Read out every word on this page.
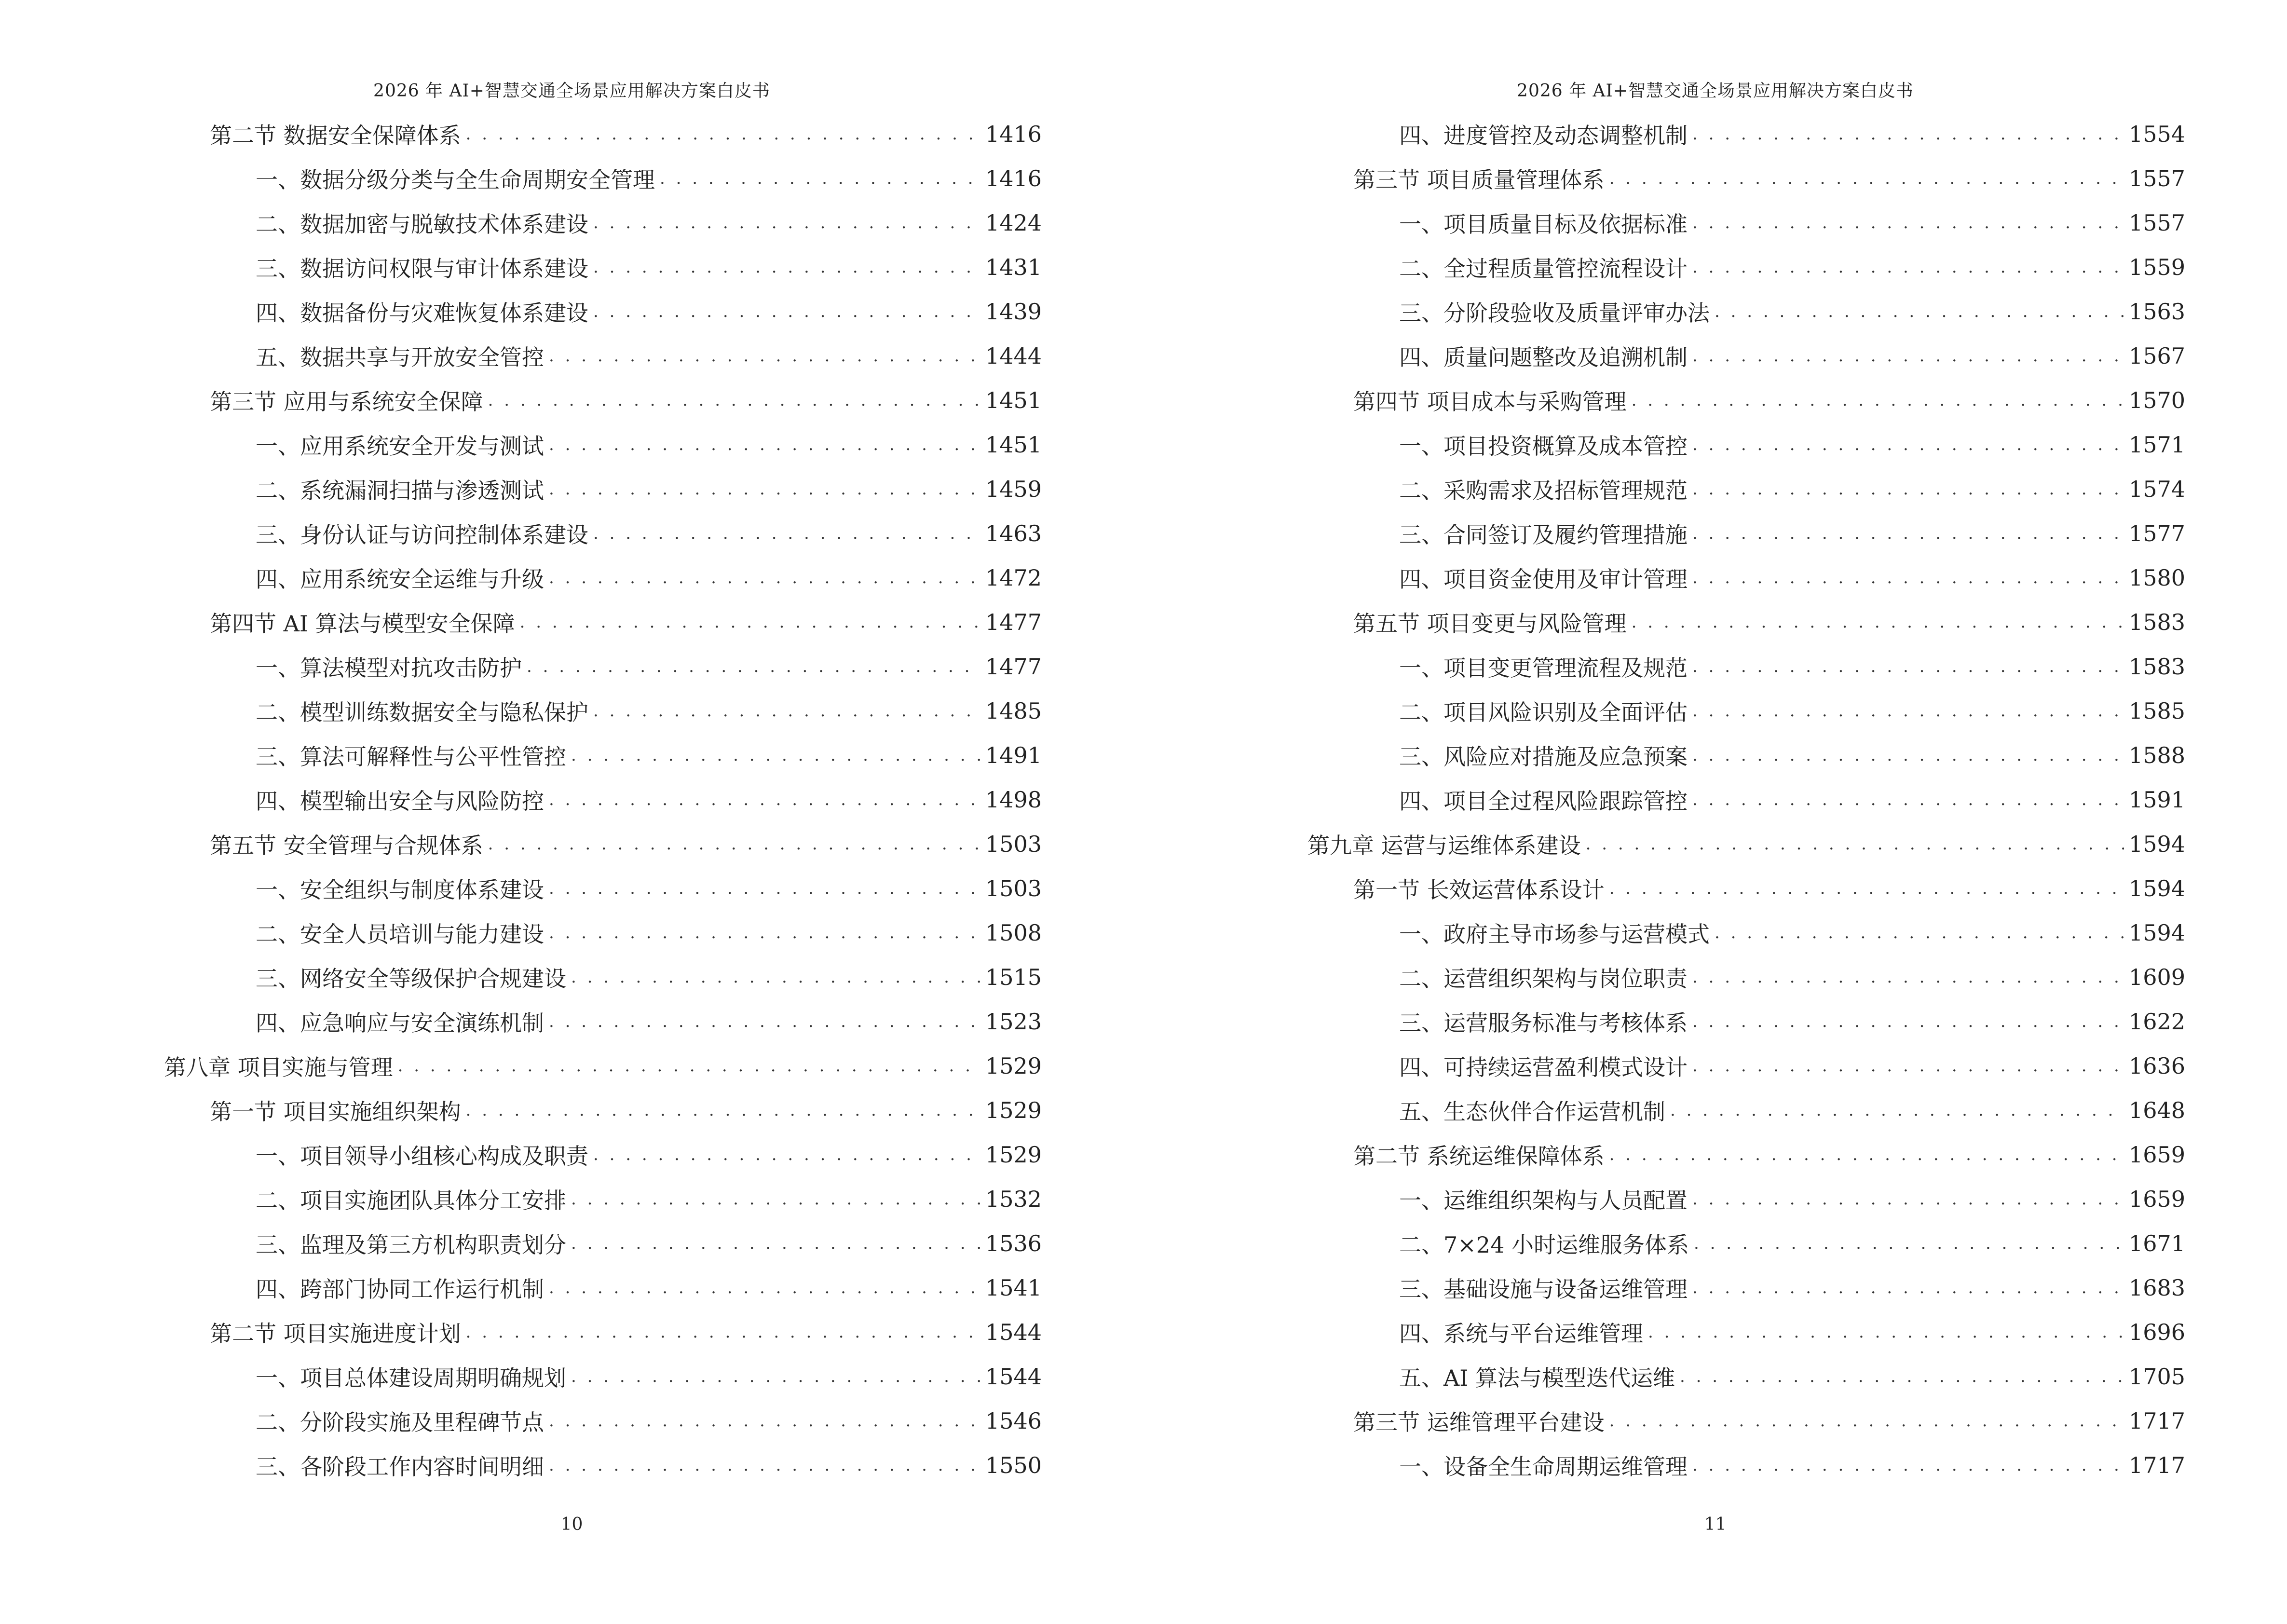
2026 年 AI+智慧交通全场景应用解决方案白皮书
第二节 数据安全保障体系 . . .	1416
一、数据分级分类与全生命周期安全管理 . . .	1416
二、数据加密与脱敏技术体系建设 . . .	1424
三、数据访问权限与审计体系建设 . . .	1431
四、数据备份与灾难恢复体系建设 . . .	1439
五、数据共享与开放安全管控 . . .	1444
第三节 应用与系统安全保障 . . .	1451
一、应用系统安全开发与测试 . . .	1451
二、系统漏洞扫描与渗透测试 . . .	1459
三、身份认证与访问控制体系建设 . . .	1463
四、应用系统安全运维与升级 . . .	1472
第四节 AI 算法与模型安全保障 . . .	1477
一、算法模型对抗攻击防护 . . .	1477
二、模型训练数据安全与隐私保护 . . .	1485
三、算法可解释性与公平性管控 . . .	1491
四、模型输出安全与风险防控 . . .	1498
第五节 安全管理与合规体系 . . .	1503
一、安全组织与制度体系建设 . . .	1503
二、安全人员培训与能力建设 . . .	1508
三、网络安全等级保护合规建设 . . .	1515
四、应急响应与安全演练机制 . . .	1523
第八章 项目实施与管理 . . .	1529
第一节 项目实施组织架构 . . .	1529
一、项目领导小组核心构成及职责 . . .	1529
二、项目实施团队具体分工安排 . . .	1532
三、监理及第三方机构职责划分 . . .	1536
四、跨部门协同工作运行机制 . . .	1541
第二节 项目实施进度计划 . . .	1544
一、项目总体建设周期明确规划 . . .	1544
二、分阶段实施及里程碑节点 . . .	1546
三、各阶段工作内容时间明细 . . .	1550
10
2026 年 AI+智慧交通全场景应用解决方案白皮书
四、进度管控及动态调整机制 . . .	1554
第三节 项目质量管理体系 . . .	1557
一、项目质量目标及依据标准 . . .	1557
二、全过程质量管控流程设计 . . .	1559
三、分阶段验收及质量评审办法 . . .	1563
四、质量问题整改及追溯机制 . . .	1567
第四节 项目成本与采购管理 . . .	1570
一、项目投资概算及成本管控 . . .	1571
二、采购需求及招标管理规范 . . .	1574
三、合同签订及履约管理措施 . . .	1577
四、项目资金使用及审计管理 . . .	1580
第五节 项目变更与风险管理 . . .	1583
一、项目变更管理流程及规范 . . .	1583
二、项目风险识别及全面评估 . . .	1585
三、风险应对措施及应急预案 . . .	1588
四、项目全过程风险跟踪管控 . . .	1591
第九章 运营与运维体系建设 . . .	1594
第一节 长效运营体系设计 . . .	1594
一、政府主导市场参与运营模式 . . .	1594
二、运营组织架构与岗位职责 . . .	1609
三、运营服务标准与考核体系 . . .	1622
四、可持续运营盈利模式设计 . . .	1636
五、生态伙伴合作运营机制 . . .	1648
第二节 系统运维保障体系 . . .	1659
一、运维组织架构与人员配置 . . .	1659
二、7×24 小时运维服务体系 . . .	1671
三、基础设施与设备运维管理 . . .	1683
四、系统与平台运维管理 . . .	1696
五、AI 算法与模型迭代运维 . . .	1705
第三节 运维管理平台建设 . . .	1717
一、设备全生命周期运维管理 . . .	1717
11
